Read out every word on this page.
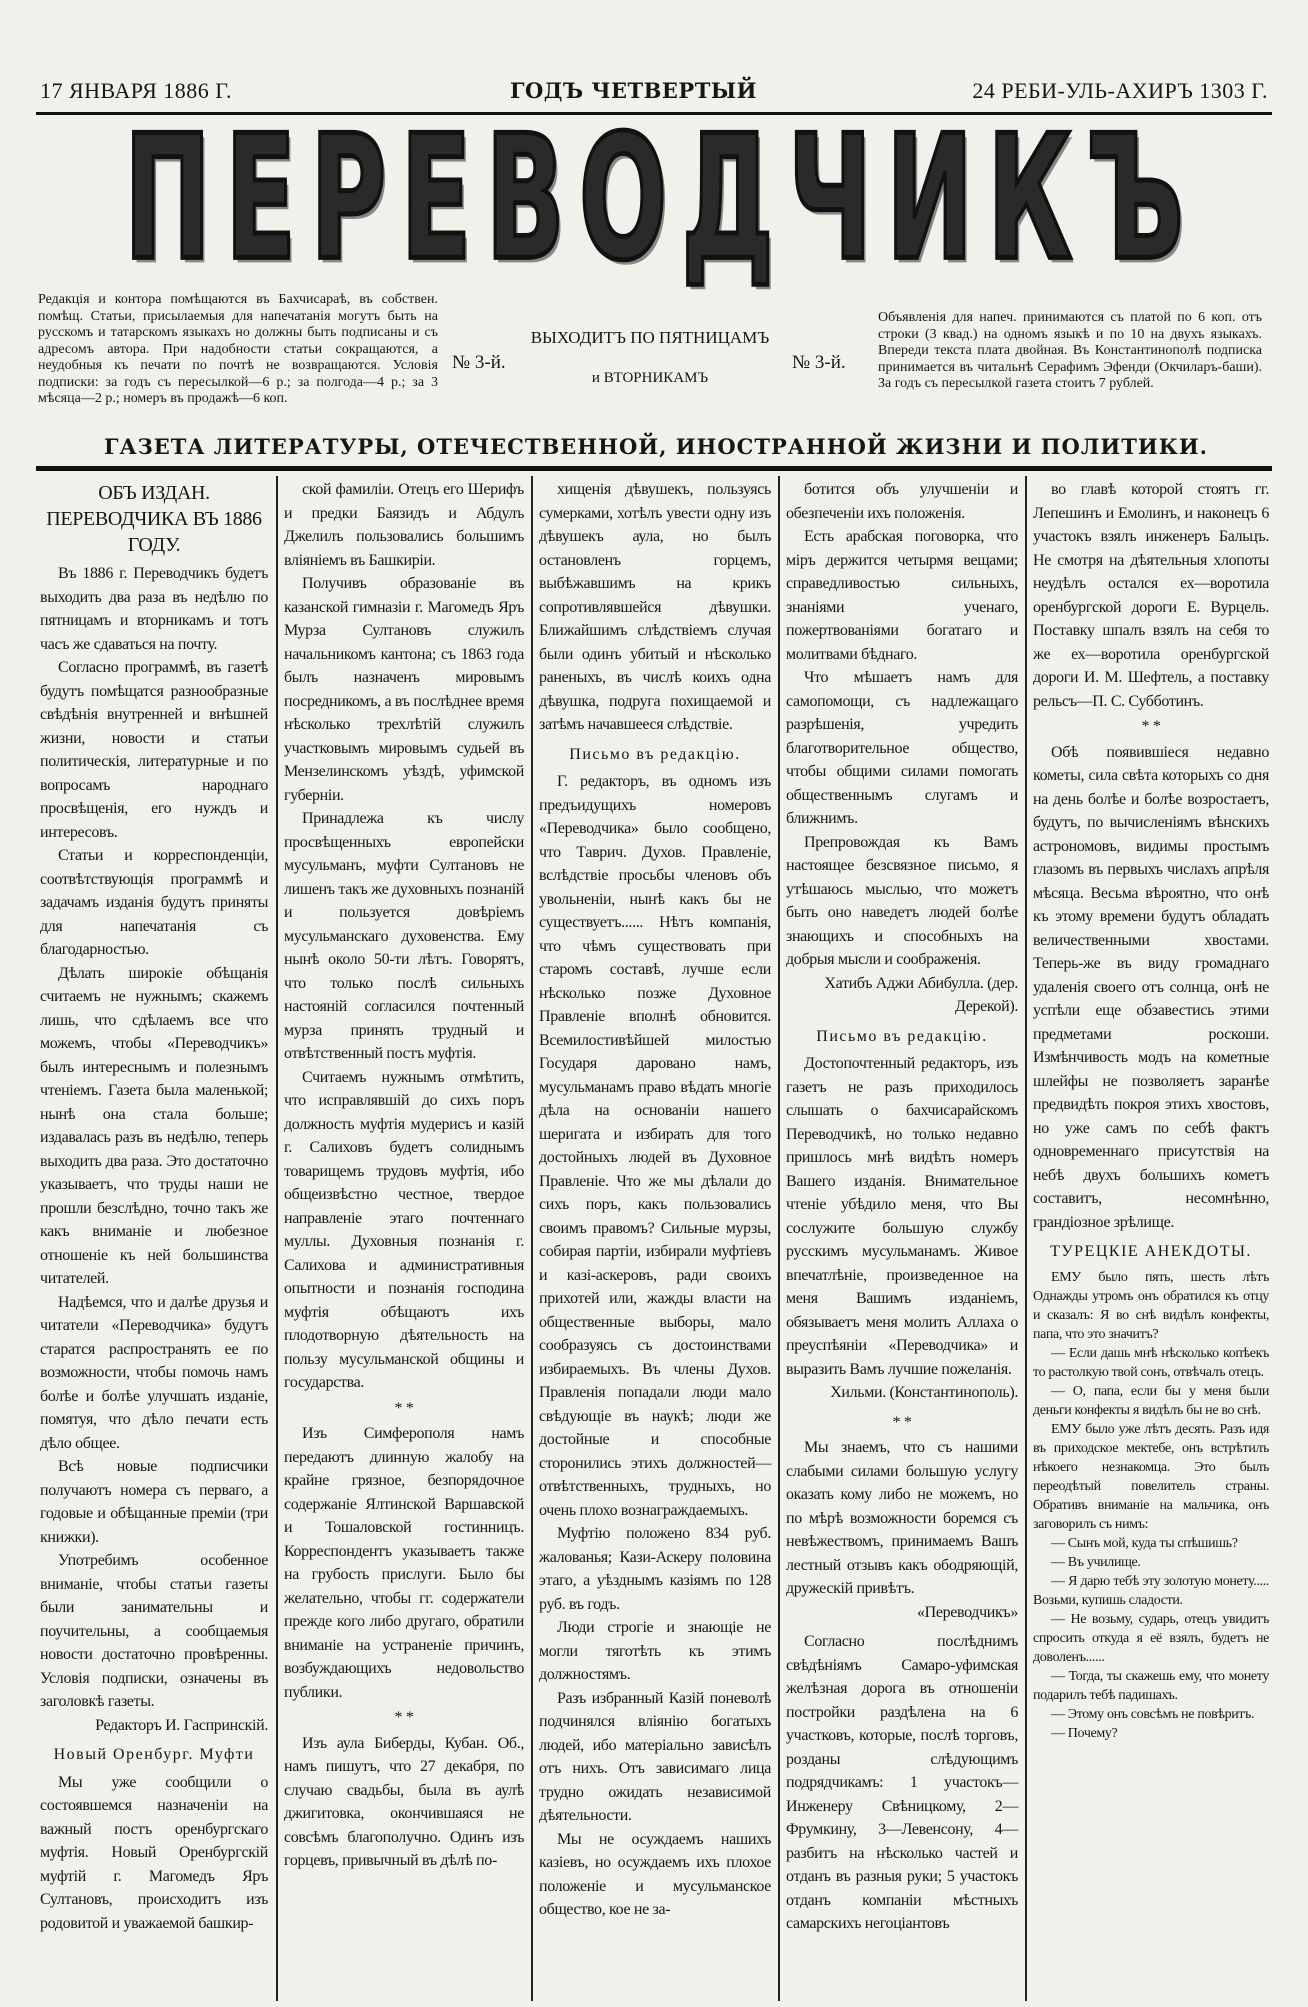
17 ЯНВАРЯ 1886 Г.	ГОДЪ ЧЕТВЕРТЫЙ	24 РЕБИ-УЛЬ-АХИРЪ 1303 Г.
П Е Р Е В О Д Ч И К Ъ
Редакція и контора помѣщаются въ Бахчисараѣ, въ собствен. помѣщ. Статьи, присылаемыя для напечатанія могутъ быть на русскомъ и татарскомъ языкахъ но должны быть подписаны и съ адресомъ автора. При надобности статьи сокращаются, а неудобныя къ печати по почтѣ не возвращаются. Условія подписки: за годъ съ пересылкой—6 р.; за полгода—4 р.; за 3 мѣсяца—2 р.; номеръ въ продажѣ—6 коп.
№ 3-й.
ВЫХОДИТЪ ПО ПЯТНИЦАМЪ
и ВТОРНИКАМЪ
№ 3-й.
Объявленія для напеч. принимаются съ платой по 6 коп. отъ строки (3 квад.) на одномъ языкѣ и по 10 на двухъ языкахъ. Впереди текста плата двойная. Въ Константинополѣ подписка принимается въ читальнѣ Серафимъ Эфенди (Окчиларъ-баши). За годъ съ пересылкой газета стоитъ 7 рублей.
ГАЗЕТА ЛИТЕРАТУРЫ, ОТЕЧЕСТВЕННОЙ, ИНОСТРАННОЙ ЖИЗНИ И ПОЛИТИКИ.

ОБЪ ИЗДАН. ПЕРЕВОДЧИКА ВЪ 1886 ГОДУ.

Въ 1886 г. Переводчикъ будетъ выходить два раза въ недѣлю по пятницамъ и вторникамъ и тотъ часъ же сдаваться на почту.

Согласно программѣ, въ газетѣ будутъ помѣщатся разнообразные свѣдѣнія внутренней и внѣшней жизни, новости и статьи политическія, литературные и по вопросамъ народнаго просвѣщенія, его нуждъ и интересовъ.

Статьи и корреспонденціи, соотвѣтствующія программѣ и задачамъ изданія будутъ приняты для напечатанія съ благодарностью.

Дѣлать широкіе обѣщанія считаемъ не нужнымъ; скажемъ лишь, что сдѣлаемъ все что можемъ, чтобы «Переводчикъ» былъ интереснымъ и полезнымъ чтеніемъ. Газета была маленькой; нынѣ она стала больше; издавалась разъ въ недѣлю, теперь выходить два раза. Это достаточно указываетъ, что труды наши не прошли безслѣдно, точно такъ же какъ вниманіе и любезное отношеніе къ ней большинства читателей.

Надѣемся, что и далѣе друзья и читатели «Переводчика» будутъ старатся распространять ее по возможности, чтобы помочь намъ болѣе и болѣе улучшать изданіе, помятуя, что дѣло печати есть дѣло общее.

Всѣ новые подписчики получаютъ номера съ перваго, а годовые и обѣщанные преміи (три книжки).

Употребимъ особенное вниманіе, чтобы статьи газеты были занимательны и поучительны, а сообщаемыя новости достаточно провѣренны. Условія подписки, означены въ заголовкѣ газеты.

Редакторъ И. Гаспринскій.

Новый Оренбург. Муфти

Мы уже сообщили о состоявшемся назначеніи на важный постъ оренбургскаго муфтія. Новый Оренбургскій муфтій г. Магомедъ Яръ Султановъ, происходитъ изъ родовитой и уважаемой башкир-

ской фамиліи. Отецъ его Шерифъ и предки Баязидъ и Абдулъ Джелилъ пользовались большимъ вліяніемъ въ Башкиріи.

Получивъ образованіе въ казанской гимназіи г. Магомедъ Яръ Мурза Султановъ служилъ начальникомъ кантона; съ 1863 года былъ назначенъ мировымъ посредникомъ, а въ послѣднее время нѣсколько трехлѣтій служилъ участковымъ мировымъ судьей въ Мензелинскомъ уѣздѣ, уфимской губерніи.

Принадлежа къ числу просвѣщенныхъ европейски мусульманъ, муфти Султановъ не лишенъ такъ же духовныхъ познаній и пользуется довѣріемъ мусульманскаго духовенства. Ему нынѣ около 50-ти лѣтъ. Говорятъ, что только послѣ сильныхъ настояній согласился почтенный мурза принять трудный и отвѣтственный постъ муфтія.

Считаемъ нужнымъ отмѣтить, что исправлявшій до сихъ поръ должность муфтія мудерисъ и казій г. Салиховъ будетъ солиднымъ товарищемъ трудовъ муфтія, ибо общеизвѣстно честное, твердое направленіе этаго почтеннаго муллы. Духовныя познанія г. Салихова и административныя опытности и познанія господина муфтія обѣщаютъ ихъ плодотворную дѣятельность на пользу мусульманской общины и государства.

* *

Изъ Симферополя намъ передаютъ длинную жалобу на крайне грязное, безпорядочное содержаніе Ялтинской Варшавской и Тошаловской гостинницъ. Корреспондентъ указываетъ также на грубость прислуги. Было бы желательно, чтобы гг. содержатели прежде кого либо другаго, обратили вниманіе на устраненіе причинъ, возбуждающихъ недовольство публики.

* *

Изъ аула Биберды, Кубан. Об., намъ пишутъ, что 27 декабря, по случаю свадьбы, была въ аулѣ джигитовка, окончившаяся не совсѣмъ благополучно. Одинъ изъ горцевъ, привычный въ дѣлѣ по-

хищенія дѣвушекъ, пользуясь сумерками, хотѣлъ увести одну изъ дѣвушекъ аула, но былъ остановленъ горцемъ, выбѣжавшимъ на крикъ сопротивлявшейся дѣвушки. Ближайшимъ слѣдствіемъ случая были одинъ убитый и нѣсколько раненыхъ, въ числѣ коихъ одна дѣвушка, подруга похищаемой и затѣмъ начавшееся слѣдствіе.

Письмо въ редакцію.

Г. редакторъ, въ одномъ изъ предъидущихъ номеровъ «Переводчика» было сообщено, что Таврич. Духов. Правленіе, вслѣдствіе просьбы членовъ объ увольненіи, нынѣ какъ бы не существуетъ...... Нѣтъ компанія, что чѣмъ существовать при старомъ составѣ, лучше если нѣсколько позже Духовное Правленіе вполнѣ обновится. Всемилостивѣйшей милостью Государя даровано намъ, мусульманамъ право вѣдать многіе дѣла на основаніи нашего шеригата и избирать для того достойныхъ людей въ Духовное Правленіе. Что же мы дѣлали до сихъ поръ, какъ пользовались своимъ правомъ? Сильные мурзы, собирая партіи, избирали муфтіевъ и казі-аскеровъ, ради своихъ прихотей или, жажды власти на общественные выборы, мало сообразуясь съ достоинствами избираемыхъ. Въ члены Духов. Правленія попадали люди мало свѣдующіе въ наукѣ; люди же достойные и способные сторонились этихъ должностей—отвѣтственныхъ, трудныхъ, но очень плохо вознаграждаемыхъ.

Муфтію положено 834 руб. жалованья; Кази-Аскеру половина этаго, а уѣзднымъ казіямъ по 128 руб. въ годъ.

Люди строгіе и знающіе не могли тяготѣть къ этимъ должностямъ.

Разъ избранный Казій поневолѣ подчинялся вліянію богатыхъ людей, ибо матеріально зависѣлъ отъ нихъ. Отъ зависимаго лица трудно ожидать независимой дѣятельности.

Мы не осуждаемъ нашихъ казіевъ, но осуждаемъ ихъ плохое положеніе и мусульманское общество, кое не за-

ботится объ улучшеніи и обезпеченіи ихъ положенія.

Есть арабская поговорка, что міръ держится четырмя вещами; справедливостью сильныхъ, знаніями ученаго, пожертвованіями богатаго и молитвами бѣднаго.

Что мѣшаетъ намъ для самопомощи, съ надлежащаго разрѣшенія, учредить благотворительное общество, чтобы общими силами помогать общественнымъ слугамъ и ближнимъ.

Препровождая къ Вамъ настоящее безсвязное письмо, я утѣшаюсь мыслью, что можетъ быть оно наведетъ людей болѣе знающихъ и способныхъ на добрыя мысли и соображенія.

Хатибъ Аджи Абибулла. (дер. Дерекой).

Письмо въ редакцію.

Достопочтенный редакторъ, изъ газетъ не разъ приходилось слышать о бахчисарайскомъ Переводчикѣ, но только недавно пришлось мнѣ видѣть номеръ Вашего изданія. Внимательное чтеніе убѣдило меня, что Вы сослужите большую службу русскимъ мусульманамъ. Живое впечатлѣніе, произведенное на меня Вашимъ изданіемъ, обязываетъ меня молить Аллаха о преуспѣяніи «Переводчика» и выразить Вамъ лучшие пожеланія.

Хильми. (Константинополь).

* *

Мы знаемъ, что съ нашими слабыми силами большую услугу оказать кому либо не можемъ, но по мѣрѣ возможности боремся съ невѣжествомъ, принимаемъ Вашъ лестный отзывъ какъ ободряющій, дружескій привѣтъ.

«Переводчикъ»

Согласно послѣднимъ свѣдѣніямъ Самаро-уфимская желѣзная дорога въ отношеніи постройки раздѣлена на 6 участковъ, которые, послѣ торговъ, розданы слѣдующимъ подрядчикамъ: 1 участокъ—Инженеру Свѣницкому, 2—Фрумкину, 3—Левенсону, 4—разбитъ на нѣсколько частей и отданъ въ разныя руки; 5 участокъ отданъ компаніи мѣстныхъ самарскихъ негоціантовъ

во главѣ которой стоятъ гг. Лепешинъ и Емолинъ, и наконецъ 6 участокъ взялъ инженеръ Бальцъ. Не смотря на дѣятельныя хлопоты неудѣлъ остался ех—воротила оренбургской дороги Е. Вурцель. Поставку шпалъ взялъ на себя то же ех—воротила оренбургской дороги И. М. Шефтель, а поставку рельсъ—П. С. Субботинъ.

* *

Обѣ появившіеся недавно кометы, сила свѣта которыхъ со дня на день болѣе и болѣе возростаетъ, будутъ, по вычисленіямъ вѣнскихъ астрономовъ, видимы простымъ глазомъ въ первыхъ числахъ апрѣля мѣсяца. Весьма вѣроятно, что онѣ къ этому времени будутъ обладать величественными хвостами. Теперь-же въ виду громаднаго удаленія своего отъ солнца, онѣ не успѣли еще обзавестись этими предметами роскоши. Измѣнчивость модъ на кометные шлейфы не позволяетъ заранѣе предвидѣть покроя этихъ хвостовъ, но уже самъ по себѣ фактъ одновременнаго присутствія на небѣ двухъ большихъ кометъ составитъ, несомнѣнно, грандіозное зрѣлище.

ТУРЕЦКІЕ АНЕКДОТЫ.

ЕМУ было пять, шесть лѣтъ Однажды утромъ онъ обратился къ отцу и сказалъ: Я во снѣ видѣлъ конфекты, папа, что это значитъ?

— Если дашь мнѣ нѣсколько копѣекъ то растолкую твой сонъ, отвѣчалъ отецъ.

— О, папа, если бы у меня были деньги конфекты я видѣлъ бы не во снѣ.

ЕМУ было уже лѣтъ десять. Разъ идя въ приходское мектебе, онъ встрѣтилъ нѣкоего незнакомца. Это былъ переодѣтый повелитель страны. Обративъ вниманіе на мальчика, онъ заговорилъ съ нимъ:

— Сынъ мой, куда ты спѣшишь?

— Въ училище.

— Я дарю тебѣ эту золотую монету..... Возьми, купишь сладости.

— Не возьму, сударь, отецъ увидитъ спросить откуда я её взялъ, будетъ не доволенъ......

— Тогда, ты скажешь ему, что монету подарилъ тебѣ падишахъ.

— Этому онъ совсѣмъ не повѣритъ.

— Почему?
